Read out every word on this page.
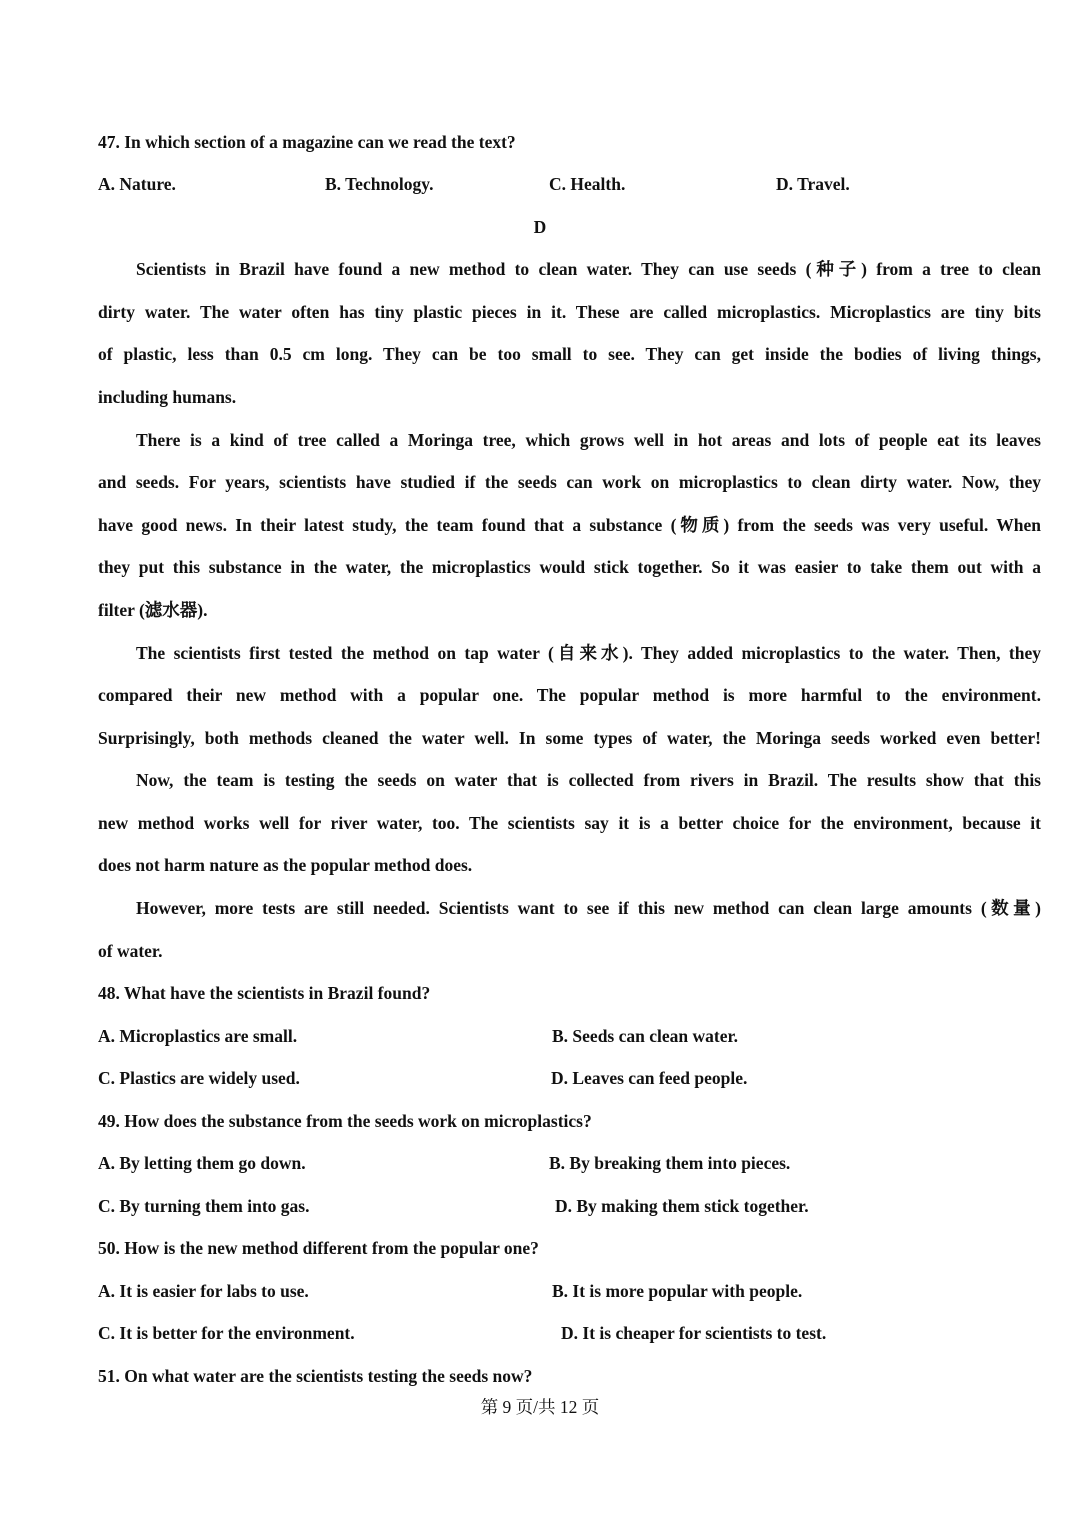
47. In which section of a magazine can we read the text?
A. Nature.	B. Technology.	C. Health.	D. Travel.
D
Scientists in Brazil have found a new method to clean water. They can use seeds (种子) from a tree to clean
dirty water. The water often has tiny plastic pieces in it. These are called microplastics. Microplastics are tiny bits
of plastic, less than 0.5 cm long. They can be too small to see. They can get inside the bodies of living things,
including humans.
There is a kind of tree called a Moringa tree, which grows well in hot areas and lots of people eat its leaves
and seeds. For years, scientists have studied if the seeds can work on microplastics to clean dirty water. Now, they
have good news. In their latest study, the team found that a substance (物质) from the seeds was very useful. When
they put this substance in the water, the microplastics would stick together. So it was easier to take them out with a
filter (滤水器).
The scientists first tested the method on tap water (自来水). They added microplastics to the water. Then, they
compared their new method with a popular one. The popular method is more harmful to the environment.
Surprisingly, both methods cleaned the water well. In some types of water, the Moringa seeds worked even better!
Now, the team is testing the seeds on water that is collected from rivers in Brazil. The results show that this
new method works well for river water, too. The scientists say it is a better choice for the environment, because it
does not harm nature as the popular method does.
However, more tests are still needed. Scientists want to see if this new method can clean large amounts (数量)
of water.
48. What have the scientists in Brazil found?
A. Microplastics are small.	B. Seeds can clean water.
C. Plastics are widely used.	D. Leaves can feed people.
49. How does the substance from the seeds work on microplastics?
A. By letting them go down.	B. By breaking them into pieces.
C. By turning them into gas.	D. By making them stick together.
50. How is the new method different from the popular one?
A. It is easier for labs to use.	B. It is more popular with people.
C. It is better for the environment.	D. It is cheaper for scientists to test.
51. On what water are the scientists testing the seeds now?
第 9 页/共 12 页
